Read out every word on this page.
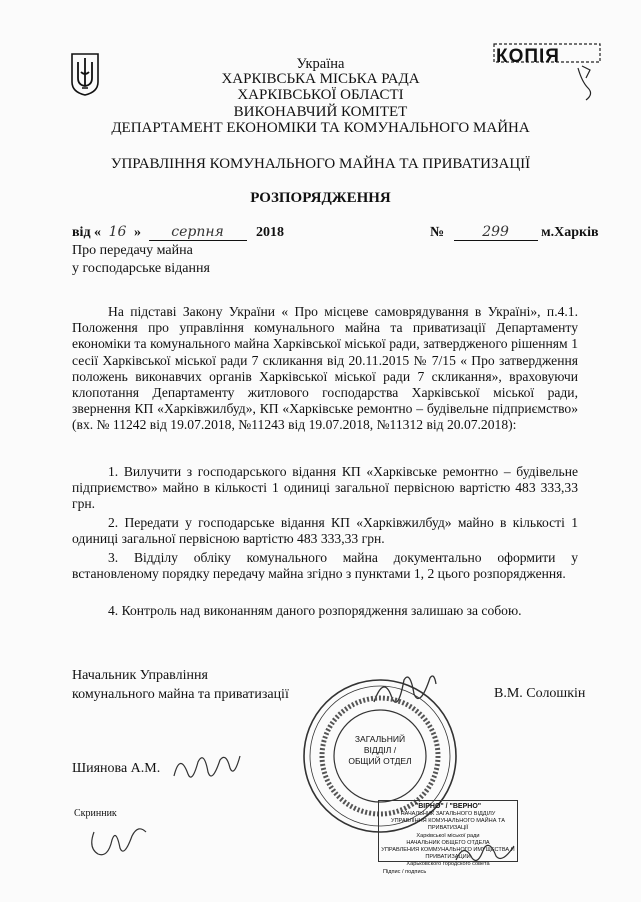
КОПІЯ
Україна
ХАРКІВСЬКА МІСЬКА РАДА
ХАРКІВСЬКОЇ ОБЛАСТІ
ВИКОНАВЧИЙ КОМІТЕТ
ДЕПАРТАМЕНТ ЕКОНОМІКИ ТА КОМУНАЛЬНОГО МАЙНА
УПРАВЛІННЯ КОМУНАЛЬНОГО МАЙНА ТА ПРИВАТИЗАЦІЇ
РОЗПОРЯДЖЕННЯ
від « 16 » серпня 2018	№	299 м.Харків
Про передачу майна
у господарське відання
На підставі Закону України « Про місцеве самоврядування в Україні», п.4.1. Положення про управління комунального майна та приватизації Департаменту економіки та комунального майна Харківської міської ради, затвердженого рішенням 1 сесії Харківської міської ради 7 скликання від 20.11.2015 № 7/15 « Про затвердження положень виконавчих органів Харківської міської ради 7 скликання», враховуючи клопотання Департаменту житлового господарства Харківської міської ради, звернення КП «Харківжилбуд», КП «Харківське ремонтно – будівельне підприємство» (вх. № 11242 від 19.07.2018, №11243 від 19.07.2018, №11312 від 20.07.2018):
1. Вилучити з господарського відання КП «Харківське ремонтно – будівельне підприємство» майно в кількості 1 одиниці загальної первісною вартістю 483 333,33 грн.
2. Передати у господарське відання КП «Харківжилбуд» майно в кількості 1 одиниці загальної первісною вартістю 483 333,33 грн.
3. Відділу обліку комунального майна документально оформити у встановленому порядку передачу майна згідно з пунктами 1, 2 цього розпорядження.
4. Контроль над виконанням даного розпорядження залишаю за собою.
Начальник Управління
комунального майна та приватизації	В.М. Солошкін
ЗАГАЛЬНИЙ
ВІДДІЛ /
ОБЩИЙ ОТДЕЛ
Шиянова А.М.
Скринник
"ВІРНО" / "ВЕРНО"
НАЧАЛЬНИК ЗАГАЛЬНОГО ВІДДІЛУ
УПРАВЛІННЯ КОМУНАЛЬНОГО МАЙНА ТА ПРИВАТИЗАЦІЇ
Харківської міської ради
НАЧАЛЬНИК ОБЩЕГО ОТДЕЛА
УПРАВЛЕНИЯ КОММУНАЛЬНОГО ИМУЩЕСТВА И ПРИВАТИЗАЦИИ
Харьковского городского совета
Підпис / подпись
